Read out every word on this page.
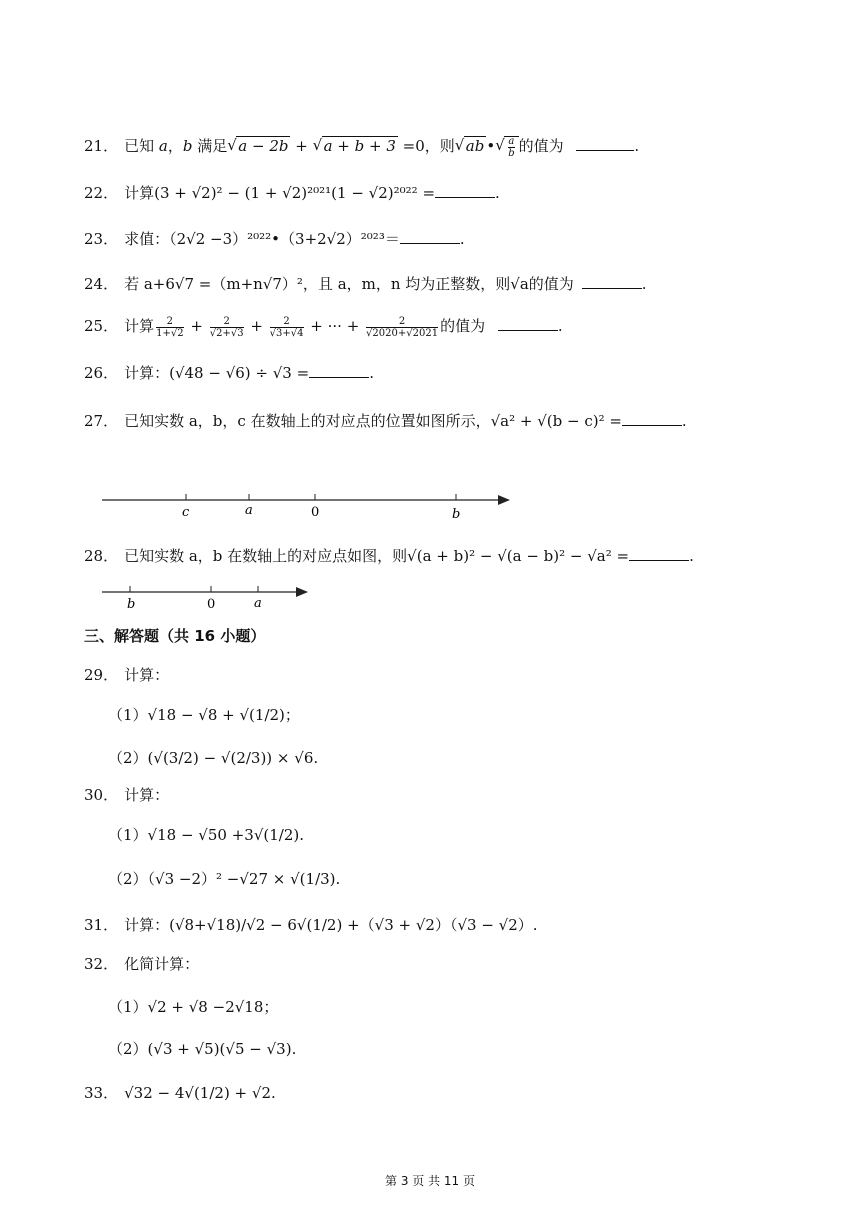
21． 已知 a，b 满足 √ a − 2b + √ a + b + 3 =0，则 √ ab • √ $\frac{a}{b}$ 的值为	.
22． 计算(3 + √2)² − (1 + √2)²⁰²¹(1 − √2)²⁰²² =	.
23． 求值：（2√2 −3）²⁰²²•（3+2√2）²⁰²³＝	.
24． 若 a+6√7 =（m+n√7）²，且 a，m，n 均为正整数，则√a的值为	.
25． 计算 $\frac{2}{1+√2} + \frac{2}{√2+√3} + \frac{2}{√3+√4}$ + ··· + $\frac{2}{√2020+√2021}$ 的值为	.
26． 计算：(√48 − √6) ÷ √3 =	.
27． 已知实数 a，b，c 在数轴上的对应点的位置如图所示，√a² + √(b − c)² =	.
c	a	0	b
28． 已知实数 a，b 在数轴上的对应点如图，则√(a + b)² − √(a − b)² − √a² =	.
b	0	a
三、解答题（共 16 小题）
29． 计算：
（1）√18 − √8 + √(1/2)；
（2）(√(3/2) − √(2/3)) × √6.
30． 计算：
（1）√18 − √50 +3√(1/2).
（2）（√3 −2）² −√27 × √(1/3).
31． 计算：(√8+√18)/√2 − 6√(1/2) +（√3 + √2）（√3 − √2）.
32． 化简计算：
（1）√2 + √8 −2√18；
（2）(√3 + √5)(√5 − √3).
33． √32 − 4√(1/2) + √2.
第 3 页 共 11 页
